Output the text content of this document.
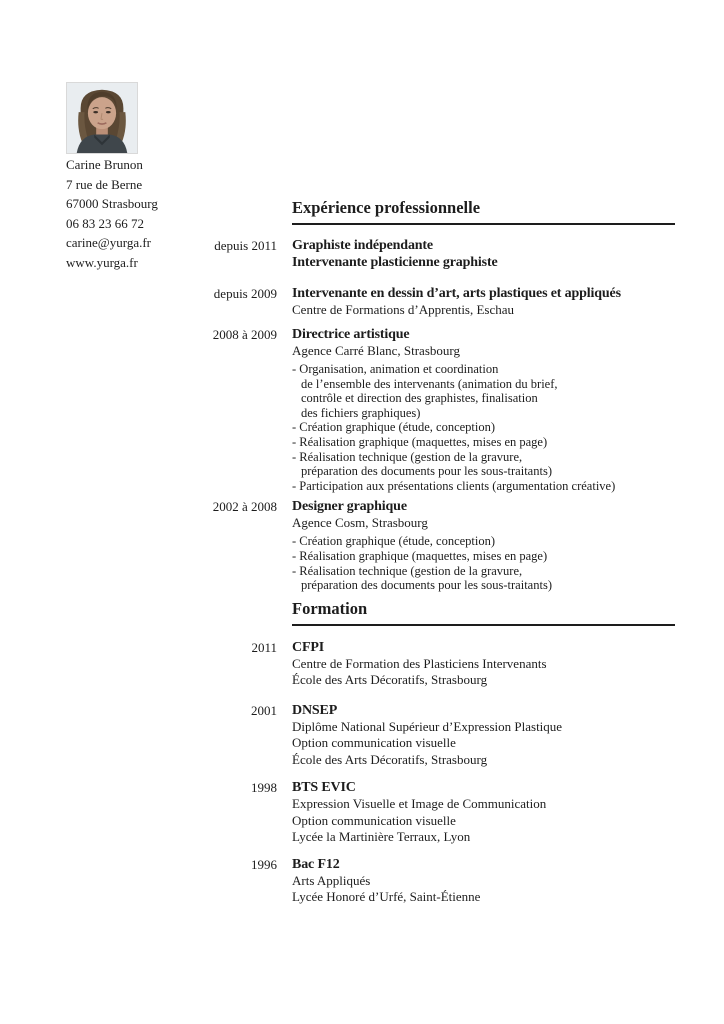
Carine Brunon
7 rue de Berne
67000 Strasbourg
06 83 23 66 72
carine@yurga.fr
www.yurga.fr
Expérience professionnelle
depuis 2011 Graphiste indépendante
Intervenante plasticienne graphiste
depuis 2009 Intervenante en dessin d’art, arts plastiques et appliqués
Centre de Formations d’Apprentis, Eschau
2008 à 2009 Directrice artistique
Agence Carré Blanc, Strasbourg
- Organisation, animation et coordination
de l’ensemble des intervenants (animation du brief,
contrôle et direction des graphistes, finalisation
des fichiers graphiques)
- Création graphique (étude, conception)
- Réalisation graphique (maquettes, mises en page)
- Réalisation technique (gestion de la gravure,
préparation des documents pour les sous-traitants)
- Participation aux présentations clients (argumentation créative)
2002 à 2008 Designer graphique
Agence Cosm, Strasbourg
- Création graphique (étude, conception)
- Réalisation graphique (maquettes, mises en page)
- Réalisation technique (gestion de la gravure,
préparation des documents pour les sous-traitants)
Formation
2011 CFPI
Centre de Formation des Plasticiens Intervenants
École des Arts Décoratifs, Strasbourg
2001 DNSEP
Diplôme National Supérieur d’Expression Plastique
Option communication visuelle
École des Arts Décoratifs, Strasbourg
1998 BTS EVIC
Expression Visuelle et Image de Communication
Option communication visuelle
Lycée la Martinière Terraux, Lyon
1996 Bac F12
Arts Appliqués
Lycée Honoré d’Urfé, Saint-Étienne
